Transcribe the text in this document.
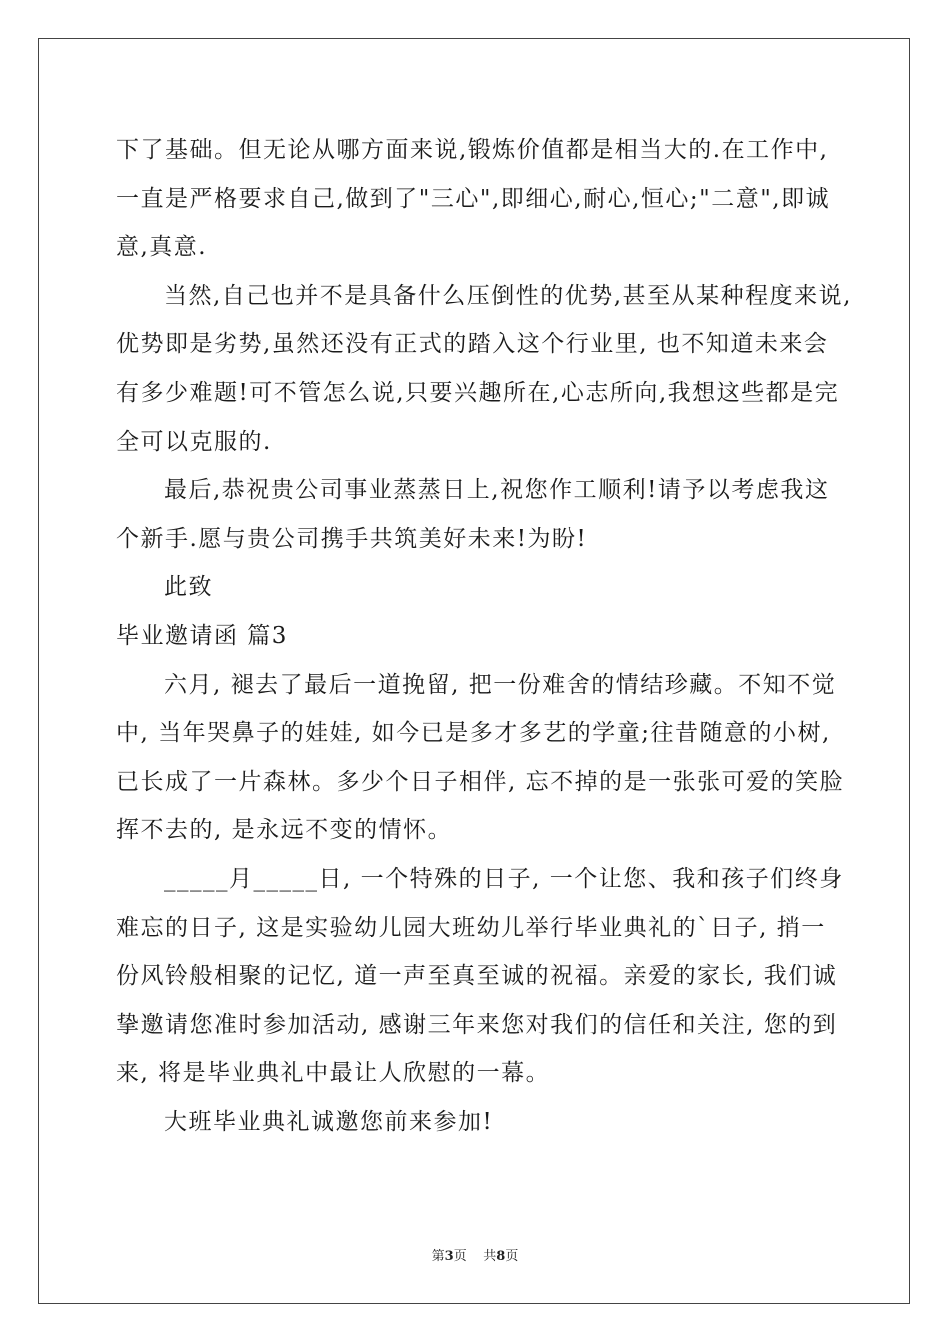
下了基础。但无论从哪方面来说,锻炼价值都是相当大的.在工作中,
一直是严格要求自己,做到了"三心",即细心,耐心,恒心;"二意",即诚
意,真意.
当然,自己也并不是具备什么压倒性的优势,甚至从某种程度来说,
优势即是劣势,虽然还没有正式的踏入这个行业里, 也不知道未来会
有多少难题!可不管怎么说,只要兴趣所在,心志所向,我想这些都是完
全可以克服的.
最后,恭祝贵公司事业蒸蒸日上,祝您作工顺利!请予以考虑我这
个新手.愿与贵公司携手共筑美好未来!为盼!
此致
毕业邀请函 篇3
六月, 褪去了最后一道挽留, 把一份难舍的情结珍藏。不知不觉
中, 当年哭鼻子的娃娃, 如今已是多才多艺的学童;往昔随意的小树,
已长成了一片森林。多少个日子相伴, 忘不掉的是一张张可爱的笑脸
挥不去的, 是永远不变的情怀。
_____月_____日, 一个特殊的日子, 一个让您、我和孩子们终身
难忘的日子, 这是实验幼儿园大班幼儿举行毕业典礼的`日子, 捎一
份风铃般相聚的记忆, 道一声至真至诚的祝福。亲爱的家长, 我们诚
挚邀请您准时参加活动, 感谢三年来您对我们的信任和关注, 您的到
来, 将是毕业典礼中最让人欣慰的一幕。
大班毕业典礼诚邀您前来参加!
第3页 共8页
